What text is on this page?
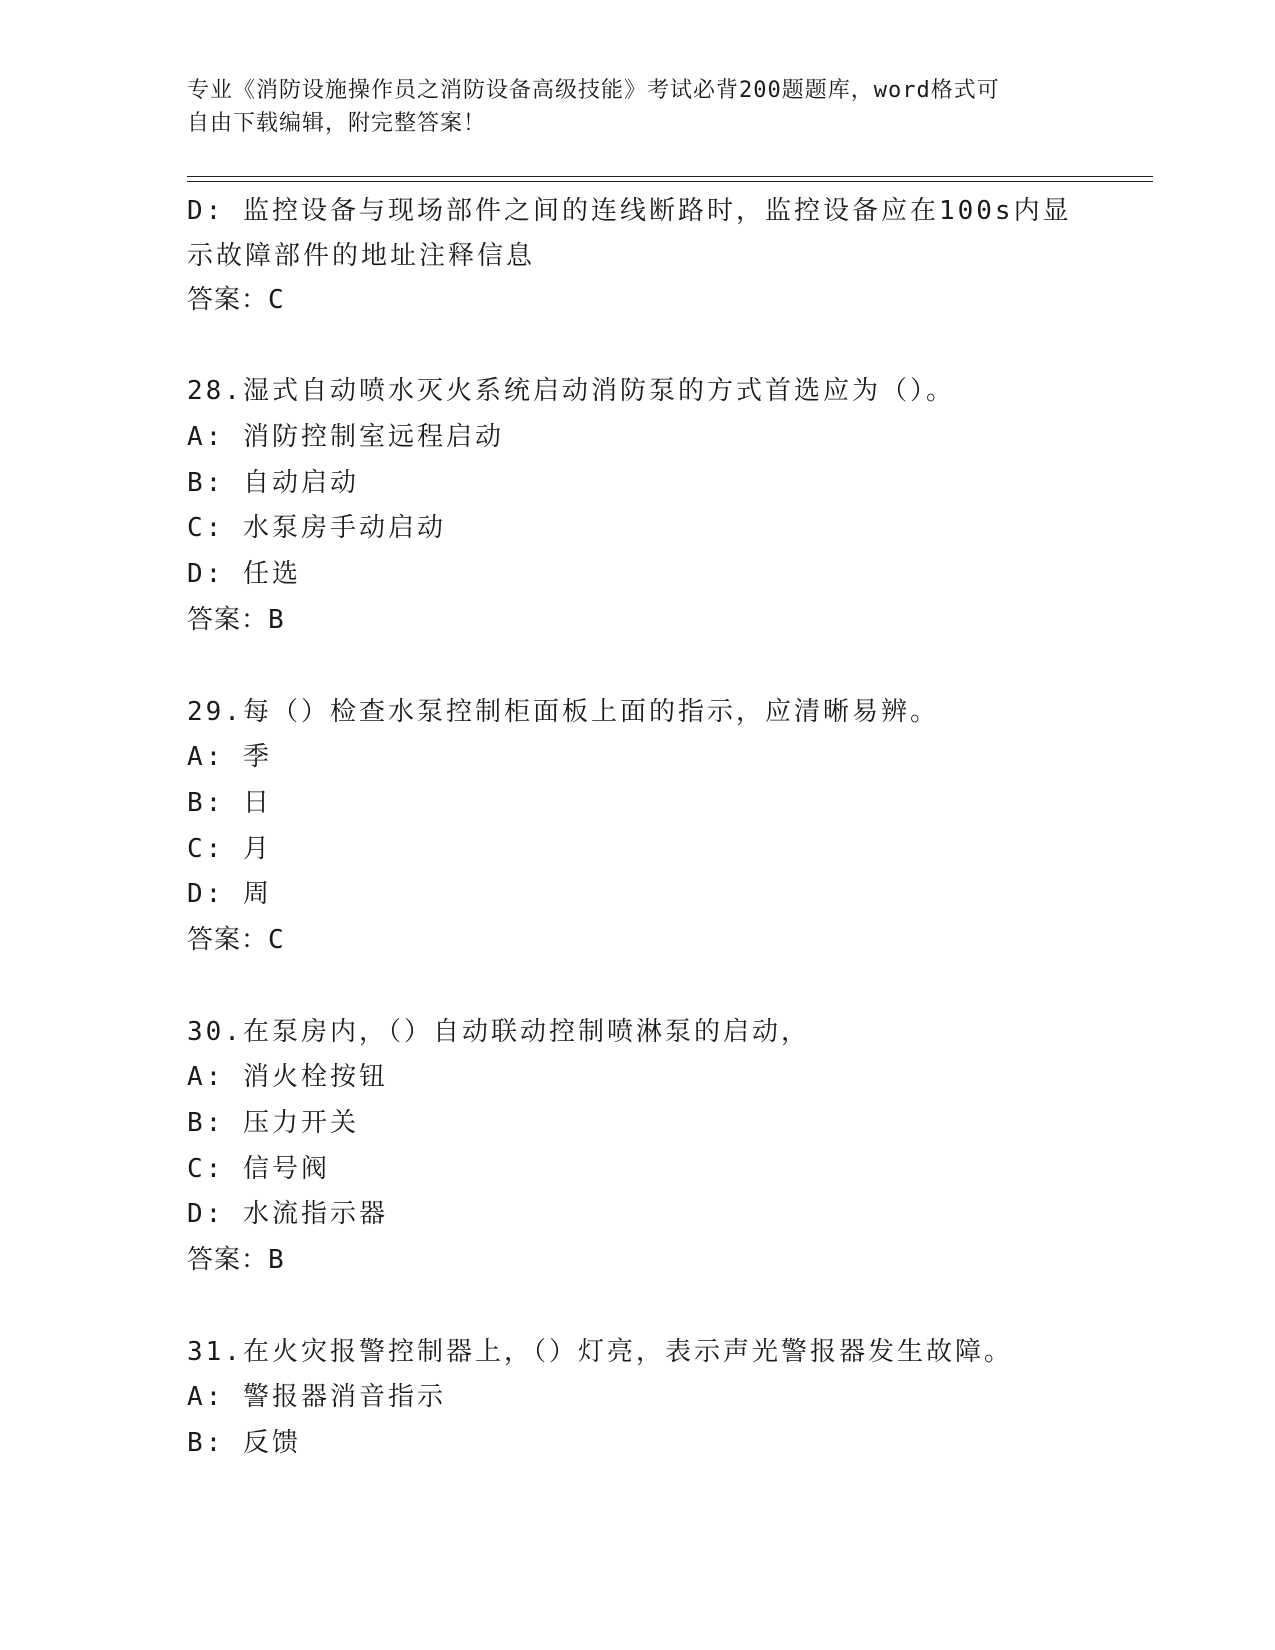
专业《消防设施操作员之消防设备高级技能》考试必背200题题库，word格式可
自由下载编辑，附完整答案！
D: 监控设备与现场部件之间的连线断路时，监控设备应在100s内显
示故障部件的地址注释信息
答案：C
28.湿式自动喷水灭火系统启动消防泵的方式首选应为（）。
A: 消防控制室远程启动
B: 自动启动
C: 水泵房手动启动
D: 任选
答案：B
29.每（）检查水泵控制柜面板上面的指示，应清晰易辨。
A: 季
B: 日
C: 月
D: 周
答案：C
30.在泵房内，（）自动联动控制喷淋泵的启动，
A: 消火栓按钮
B: 压力开关
C: 信号阀
D: 水流指示器
答案：B
31.在火灾报警控制器上，（）灯亮，表示声光警报器发生故障。
A: 警报器消音指示
B: 反馈
